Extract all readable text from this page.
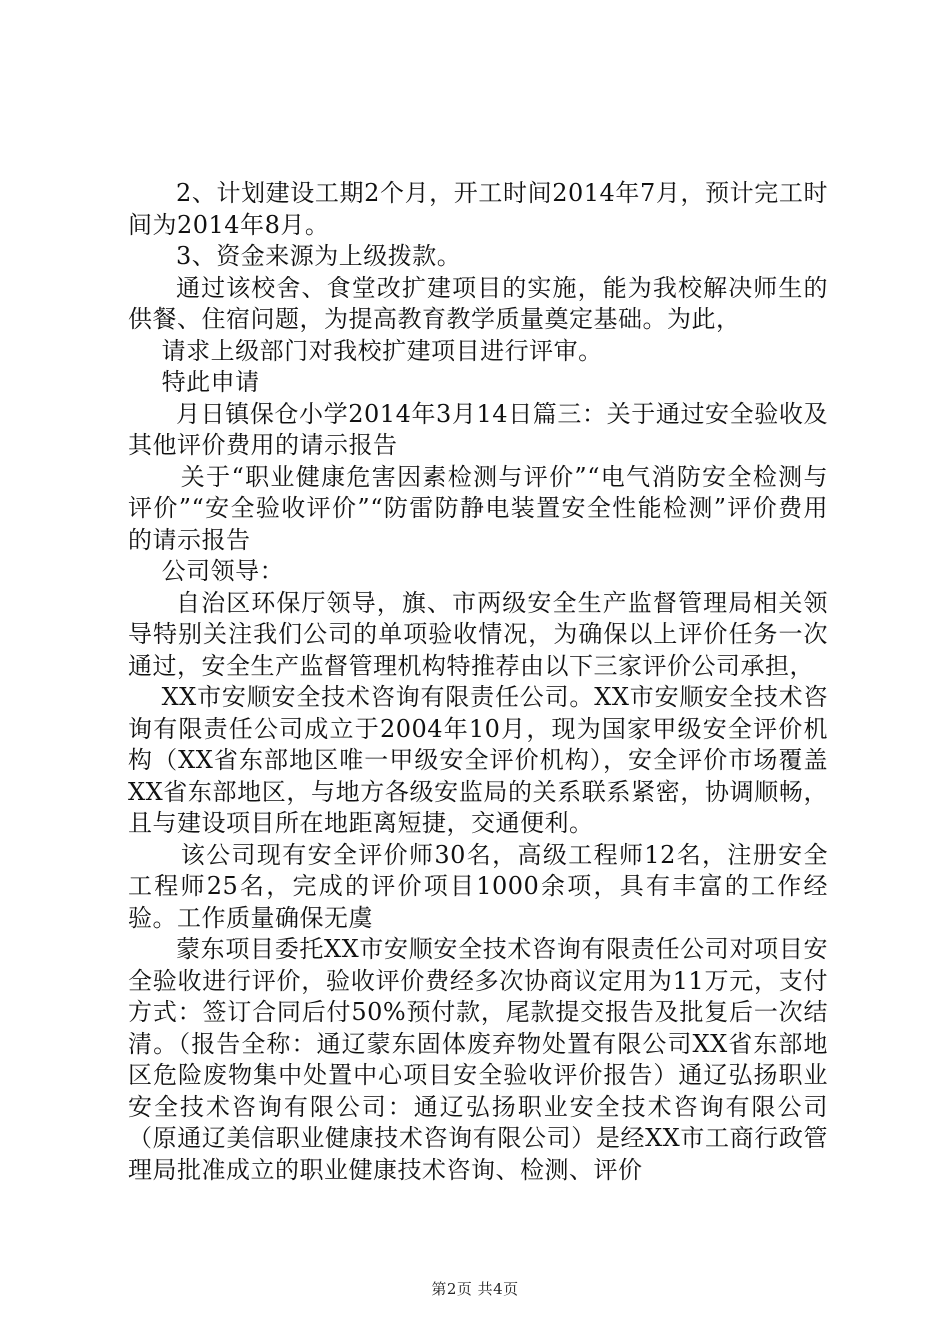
2、计划建设工期2个月，开工时间2014年7月，预计完工时间为2014年8月。

3、资金来源为上级拨款。

通过该校舍、食堂改扩建项目的实施，能为我校解决师生的供餐、住宿问题，为提高教育教学质量奠定基础。为此，

请求上级部门对我校扩建项目进行评审。

特此申请

月日镇保仓小学2014年3月14日篇三：关于通过安全验收及其他评价费用的请示报告

关于“职业健康危害因素检测与评价”“电气消防安全检测与评价”“安全验收评价”“防雷防静电装置安全性能检测”评价费用的请示报告

公司领导：

自治区环保厅领导，旗、市两级安全生产监督管理局相关领导特别关注我们公司的单项验收情况，为确保以上评价任务一次通过，安全生产监督管理机构特推荐由以下三家评价公司承担，

XX市安顺安全技术咨询有限责任公司。XX市安顺安全技术咨询有限责任公司成立于2004年10月，现为国家甲级安全评价机构（XX省东部地区唯一甲级安全评价机构），安全评价市场覆盖XX省东部地区，与地方各级安监局的关系联系紧密，协调顺畅，且与建设项目所在地距离短捷，交通便利。

该公司现有安全评价师30名，高级工程师12名，注册安全工程师25名，完成的评价项目1000余项，具有丰富的工作经验。工作质量确保无虞

蒙东项目委托XX市安顺安全技术咨询有限责任公司对项目安全验收进行评价，验收评价费经多次协商议定用为11万元，支付方式：签订合同后付50%预付款，尾款提交报告及批复后一次结清。（报告全称：通辽蒙东固体废弃物处置有限公司XX省东部地区危险废物集中处置中心项目安全验收评价报告）通辽弘扬职业安全技术咨询有限公司：通辽弘扬职业安全技术咨询有限公司（原通辽美信职业健康技术咨询有限公司）是经XX市工商行政管理局批准成立的职业健康技术咨询、检测、评价

第2页 共4页
